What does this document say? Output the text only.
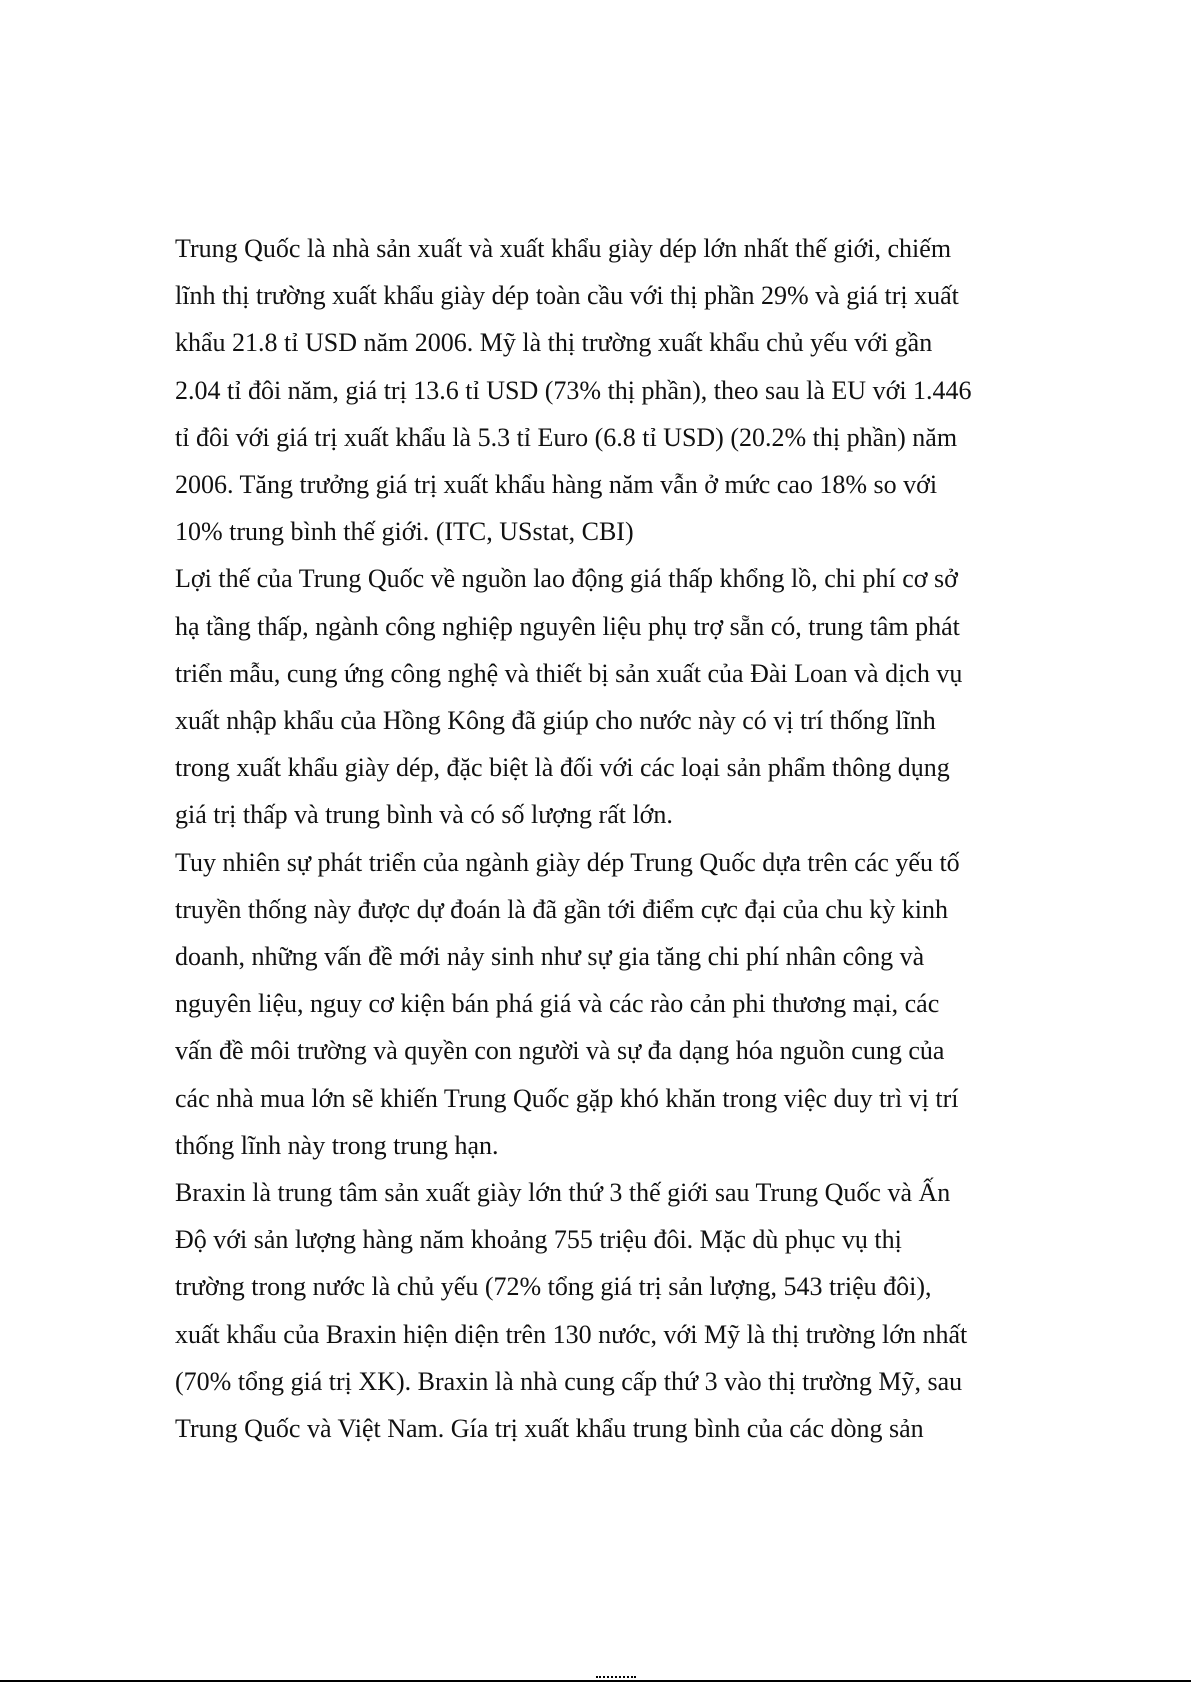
Trung Quốc là nhà sản xuất và xuất khẩu giày dép lớn nhất thế giới, chiếm
lĩnh thị trường xuất khẩu giày dép toàn cầu với thị phần 29% và giá trị xuất
khẩu 21.8 tỉ USD năm 2006. Mỹ là thị trường xuất khẩu chủ yếu với gần
2.04 tỉ đôi năm, giá trị 13.6 tỉ USD (73% thị phần), theo sau là EU với 1.446
tỉ đôi với giá trị xuất khẩu là 5.3 tỉ Euro (6.8 tỉ USD) (20.2% thị phần) năm
2006. Tăng trưởng giá trị xuất khẩu hàng năm vẫn ở mức cao 18% so với
10% trung bình thế giới. (ITC, USstat, CBI)
Lợi thế của Trung Quốc về nguồn lao động giá thấp khổng lồ, chi phí cơ sở
hạ tầng thấp, ngành công nghiệp nguyên liệu phụ trợ sẵn có, trung tâm phát
triển mẫu, cung ứng công nghệ và thiết bị sản xuất của Đài Loan và dịch vụ
xuất nhập khẩu của Hồng Kông đã giúp cho nước này có vị trí thống lĩnh
trong xuất khẩu giày dép, đặc biệt là đối với các loại sản phẩm thông dụng
giá trị thấp và trung bình và có số lượng rất lớn.
Tuy nhiên sự phát triển của ngành giày dép Trung Quốc dựa trên các yếu tố
truyền thống này được dự đoán là đã gần tới điểm cực đại của chu kỳ kinh
doanh, những vấn đề mới nảy sinh như sự gia tăng chi phí nhân công và
nguyên liệu, nguy cơ kiện bán phá giá và các rào cản phi thương mại, các
vấn đề môi trường và quyền con người và sự đa dạng hóa nguồn cung của
các nhà mua lớn sẽ khiến Trung Quốc gặp khó khăn trong việc duy trì vị trí
thống lĩnh này trong trung hạn.
Braxin là trung tâm sản xuất giày lớn thứ 3 thế giới sau Trung Quốc và Ấn
Độ với sản lượng hàng năm khoảng 755 triệu đôi. Mặc dù phục vụ thị
trường trong nước là chủ yếu (72% tổng giá trị sản lượng, 543 triệu đôi),
xuất khẩu của Braxin hiện diện trên 130 nước, với Mỹ là thị trường lớn nhất
(70% tổng giá trị XK). Braxin là nhà cung cấp thứ 3 vào thị trường Mỹ, sau
Trung Quốc và Việt Nam. Gía trị xuất khẩu trung bình của các dòng sản
